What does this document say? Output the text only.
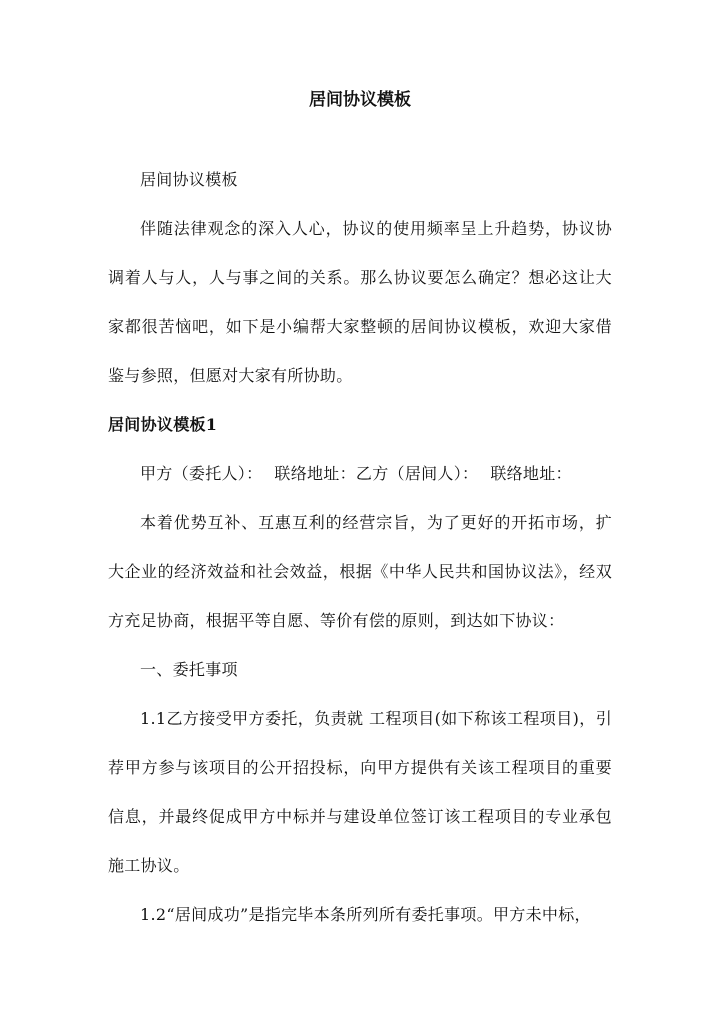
居间协议模板

居间协议模板

伴随法律观念的深入人心，协议的使用频率呈上升趋势，协议协调着人与人，人与事之间的关系。那么协议要怎么确定？想必这让大家都很苦恼吧，如下是小编帮大家整顿的居间协议模板，欢迎大家借鉴与参照，但愿对大家有所协助。

居间协议模板1

甲方（委托人）： 联络地址：乙方（居间人）： 联络地址：

本着优势互补、互惠互利的经营宗旨，为了更好的开拓市场，扩大企业的经济效益和社会效益，根据《中华人民共和国协议法》，经双方充足协商，根据平等自愿、等价有偿的原则，到达如下协议：

一、委托事项

1.1乙方接受甲方委托，负责就 工程项目(如下称该工程项目)，引荐甲方参与该项目的公开招投标，向甲方提供有关该工程项目的重要信息，并最终促成甲方中标并与建设单位签订该工程项目的专业承包施工协议。

1.2“居间成功”是指完毕本条所列所有委托事项。甲方未中标，
